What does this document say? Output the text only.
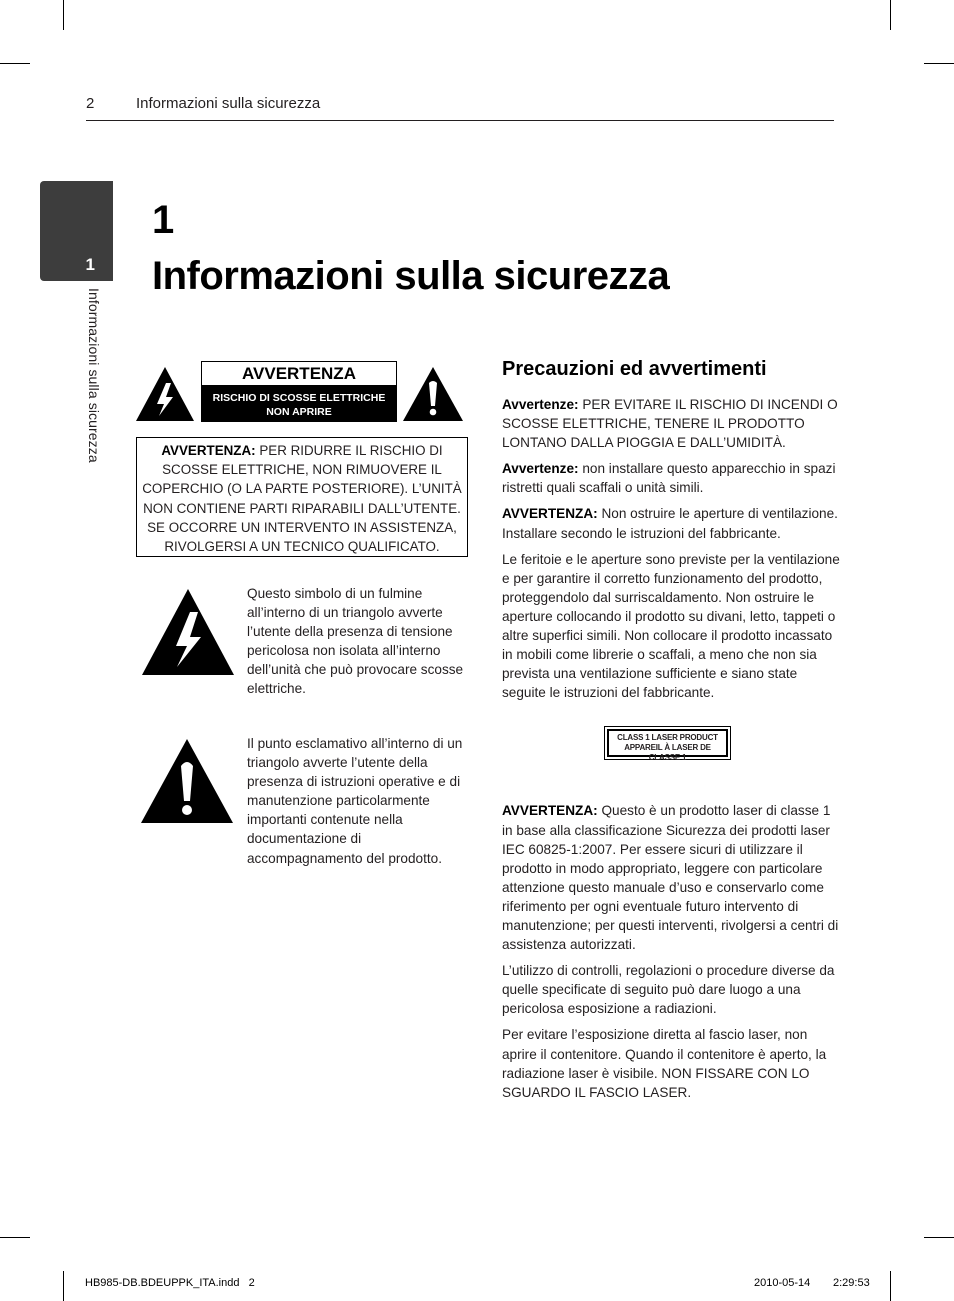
2	Informazioni sulla sicurezza
1
Informazioni sulla sicurezza
1
Informazioni sulla sicurezza
AVVERTENZA
RISCHIO DI SCOSSE ELETTRICHE
NON APRIRE
AVVERTENZA: PER RIDURRE IL RISCHIO DI SCOSSE ELETTRICHE, NON RIMUOVERE IL COPERCHIO (O LA PARTE POSTERIORE). L’UNITÀ NON CONTIENE PARTI RIPARABILI DALL’UTENTE. SE OCCORRE UN INTERVENTO IN ASSISTENZA, RIVOLGERSI A UN TECNICO QUALIFICATO.
Questo simbolo di un fulmine all’interno di un triangolo avverte l’utente della presenza di tensione pericolosa non isolata all’interno dell’unità che può provocare scosse elettriche.
Il punto esclamativo all’interno di un triangolo avverte l’utente della presenza di istruzioni operative e di manutenzione particolarmente importanti contenute nella documentazione di accompagnamento del prodotto.
Precauzioni ed avvertimenti

Avvertenze: PER EVITARE IL RISCHIO DI INCENDI O SCOSSE ELETTRICHE, TENERE IL PRODOTTO LONTANO DALLA PIOGGIA E DALL’UMIDITÀ.

Avvertenze: non installare questo apparecchio in spazi ristretti quali scaffali o unità simili.

AVVERTENZA: Non ostruire le aperture di ventilazione. Installare secondo le istruzioni del fabbricante.

Le feritoie e le aperture sono previste per la ventilazione e per garantire il corretto funzionamento del prodotto, proteggendolo dal surriscaldamento. Non ostruire le aperture collocando il prodotto su divani, letto, tappeti o altre superfici simili. Non collocare il prodotto incassato in mobili come librerie o scaffali, a meno che non sia prevista una ventilazione sufficiente e siano state seguite le istruzioni del fabbricante.

CLASS 1 LASER PRODUCT
APPAREIL À LASER DE CLASSE 1

AVVERTENZA: Questo è un prodotto laser di classe 1 in base alla classificazione Sicurezza dei prodotti laser IEC 60825-1:2007. Per essere sicuri di utilizzare il prodotto in modo appropriato, leggere con particolare attenzione questo manuale d’uso e conservarlo come riferimento per ogni eventuale futuro intervento di manutenzione; per questi interventi, rivolgersi a centri di assistenza autorizzati.

L’utilizzo di controlli, regolazioni o procedure diverse da quelle specificate di seguito può dare luogo a una pericolosa esposizione a radiazioni.

Per evitare l’esposizione diretta al fascio laser, non aprire il contenitore. Quando il contenitore è aperto, la radiazione laser è visibile. NON FISSARE CON LO SGUARDO IL FASCIO LASER.

HB985-DB.BDEUPPK_ITA.indd   2	2010-05-14 2:29:53
